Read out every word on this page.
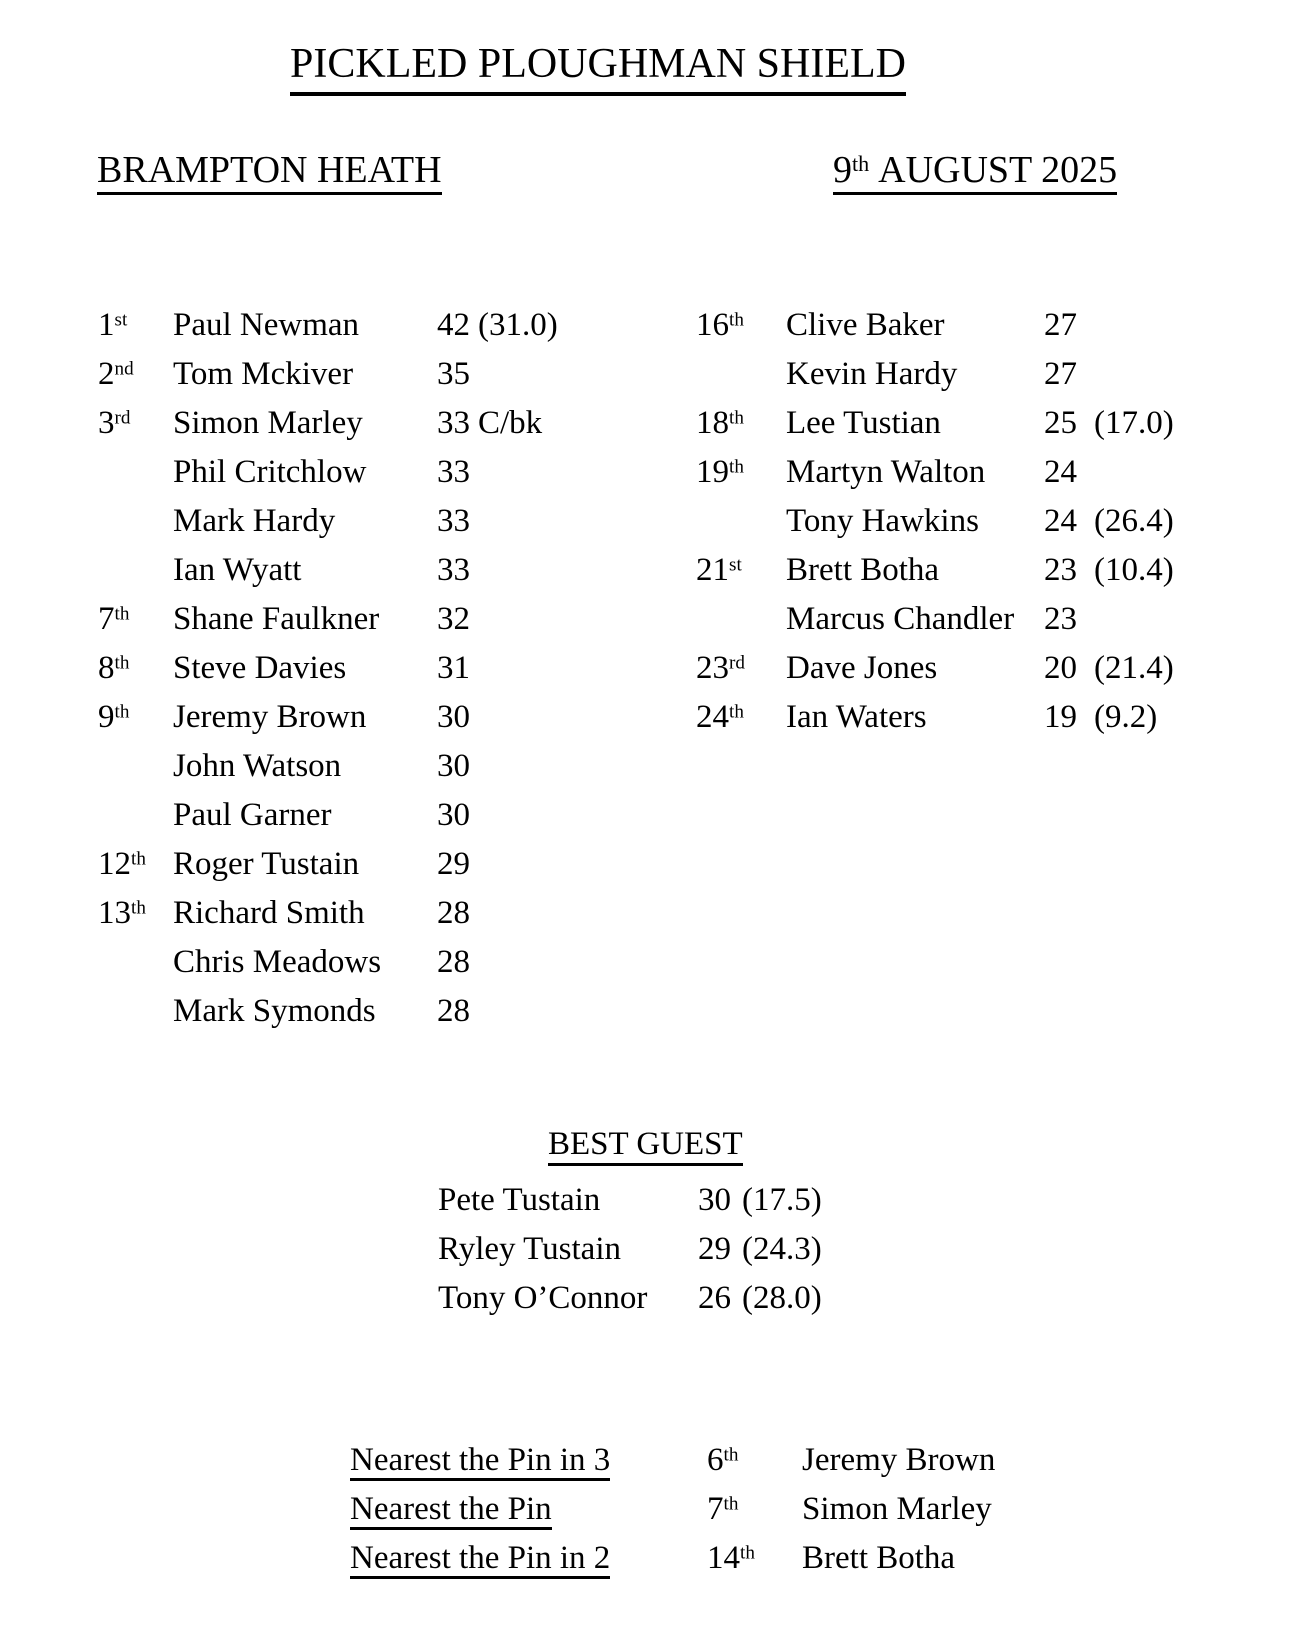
PICKLED PLOUGHMAN SHIELD
BRAMPTON HEATH	9th AUGUST 2025
1st	Paul Newman	42 (31.0)
2nd	Tom Mckiver	35
3rd	Simon Marley	33 C/bk
Phil Critchlow	33
Mark Hardy	33
Ian Wyatt	33
7th	Shane Faulkner	32
8th	Steve Davies	31
9th	Jeremy Brown	30
John Watson	30
Paul Garner	30
12th Roger Tustain	29
13th Richard Smith	28
Chris Meadows	28
Mark Symonds	28
16th	Clive Baker	27
Kevin Hardy	27
18th	Lee Tustian	25 (17.0)
19th	Martyn Walton	24
Tony Hawkins	24 (26.4)
21st	Brett Botha	23 (10.4)
Marcus Chandler 23
23rd	Dave Jones	20 (21.4)
24th	Ian Waters	19 (9.2)
BEST GUEST
Pete Tustain	30 (17.5)
Ryley Tustain	29 (24.3)
Tony O’Connor	26 (28.0)
Nearest the Pin in 3	6th	Jeremy Brown
Nearest the Pin	7th	Simon Marley
Nearest the Pin in 2	14th	Brett Botha
